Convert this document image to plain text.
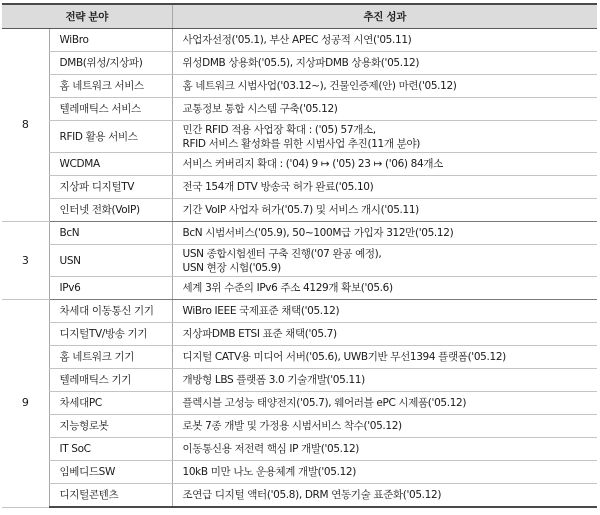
전략 분야		추진 성과
8	WiBro	사업자선정('05.1), 부산 APEC 성공적 시연('05.11)

	DMB(위성/지상파)	위성DMB 상용화('05.5), 지상파DMB 상용화('05.12)

	홈 네트워크 서비스	홈 네트워크 시범사업('03.12~), 건물인증제(안) 마련('05.12)

	텔레매틱스 서비스	교통정보 통합 시스템 구축('05.12)

	RFID 활용 서비스	민간 RFID 적용 사업장 확대 : ('05) 57개소,
RFID 서비스 활성화를 위한 시범사업 추진(11개 분야)

	WCDMA	서비스 커버리지 확대 : ('04) 9 ↦ ('05) 23 ↦ ('06) 84개소

	지상파 디지털TV	전국 154개 DTV 방송국 허가 완료('05.10)

	인터넷 전화(VoIP)	기간 VoIP 사업자 허가('05.7) 및 서비스 개시('05.11)

3	BcN	BcN 시범서비스('05.9), 50~100M급 가입자 312만('05.12)

	USN	USN 종합시험센터 구축 진행('07 완공 예정),
USN 현장 시험('05.9)

	IPv6	세계 3위 수준의 IPv6 주소 4129개 확보('05.6)

9	차세대 이동통신 기기	WiBro IEEE 국제표준 채택('05.12)

	디지털TV/방송 기기	지상파DMB ETSI 표준 채택('05.7)

	홈 네트워크 기기	디지털 CATV용 미디어 서버('05.6), UWB기반 무선1394 플랫폼('05.12)

	텔레매틱스 기기	개방형 LBS 플랫폼 3.0 기술개발('05.11)

	차세대PC	플렉시블 고성능 태양전지('05.7), 웨어러블 ePC 시제품('05.12)

	지능형로봇	로봇 7종 개발 및 가정용 시범서비스 착수('05.12)

	IT SoC	이동통신용 저전력 핵심 IP 개발('05.12)

	임베디드SW	10kB 미만 나노 운용체계 개발('05.12)

	디지털콘텐츠	조연급 디지털 액터('05.8), DRM 연동기술 표준화('05.12)
